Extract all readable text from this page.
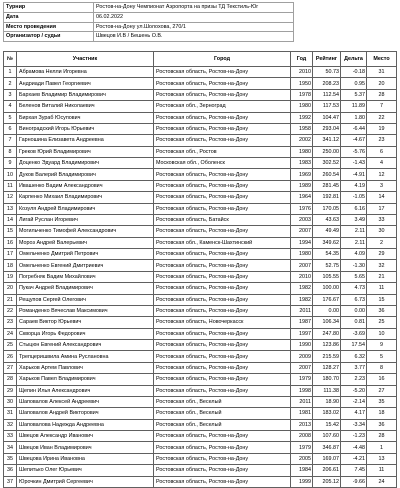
Турнир	Ростов-на-Дону Чемпионат Аэропорта на призы ТД Текстиль-Юг
Дата	06.02.2022
Место проведения	Ростов-на-Дону ул.Шолохова, 270/1
Организатор / судьи	Швецов И.В / Бешень О.В.
№	Участник	Город	Год	Рейтинг	Дельта	Место
1	Абрамова Нелли Игоревна	Ростовская область, Ростов-на-Дону	2010	50.73	-0.18	31
2	Андриади Павел Георгиевич	Ростовская область, Ростов-на-Дону	1950	208.23	0.95	20
3	Бархаев Владимир Владимирович	Ростовская область, Ростов-на-Дону	1978	112.54	5.37	28
4	Беленов Виталий Николаевич	Ростовская обл., Зерноград	1980	117.53	11.89	7
5	Бирхая Зураб Юсупович	Ростовская область, Ростов-на-Дону	1992	104.47	1.80	22
6	Виноградский Игорь Юрьевич	Ростовская область, Ростов-на-Дону	1958	293.04	-6.44	19
7	Гарношина Елизавета Андреевна	Ростовская область, Ростов-на-Дону	2002	341.12	-4.67	23
8	Греков Юрий Владимирович	Ростовская обл., Ростов	1980	250.00	-5.76	6
9	Доценко Эдуард Владимирович	Московская обл., Оболенск	1983	302.52	-1.43	4
10	Дуков Валерий Владимирович	Ростовская область, Ростов-на-Дону	1969	260.54	-4.91	12
11	Ивашенко Вадим Александрович	Ростовская область, Ростов-на-Дону	1989	281.45	4.19	3
12	Карпенко Михаил Владимирович	Ростовская область, Ростов-на-Дону	1964	192.81	-1.05	14
13	Козуля Андрей Владимирович	Ростовская область, Ростов-на-Дону	1976	170.05	6.16	17
14	Лигай Руслан Игоревич	Ростовская область, Батайск	2003	43.63	3.49	33
15	Могильченко Тимофей Александрович	Ростовская область, Ростов-на-Дону	2007	49.49	2.11	30
16	Мороз Андрей Валерьевич	Ростовская обл., Каменск-Шахтинский	1994	349.62	2.11	2
17	Омельченко Дмитрий Петрович	Ростовская область, Ростов-на-Дону	1980	54.35	4.09	29
18	Омельченко Евгений Дмитриевич	Ростовская область, Ростов-на-Дону	2007	52.75	-1.30	32
19	Погребняк Вадим Михайлович	Ростовская область, Ростов-на-Дону	2010	105.55	5.65	21
20	Пукач Андрей Владимирович	Ростовская область, Ростов-на-Дону	1982	100.00	4.73	11
21	Рещупов Сергей Олегович	Ростовская область, Ростов-на-Дону	1982	176.67	6.73	15
22	Романденко Вячеслав Максимович	Ростовская область, Ростов-на-Дону	2011	0.00	0.00	36
23	Сараев Виктор Юрьевич	Ростовская область, Новочеркасск	1987	106.34	0.81	25
24	Скворца Игорь Федорович	Ростовская область, Ростов-на-Дону	1997	247.80	-3.69	10
25	Стыцюн Евгений Александрович	Ростовская область, Ростов-на-Дону	1990	123.86	17.54	9
26	Трепцеришвила Амина Руслановна	Ростовская область, Ростов-на-Дону	2009	215.59	6.32	5
27	Харьков Артем Павлович	Ростовская область, Ростов-на-Дону	2007	128.27	3.77	8
28	Харьков Павел Владимирович	Ростовская область, Ростов-на-Дону	1979	180.70	2.23	16
29	Щепин Илья Александрович	Ростовская область, Ростов-на-Дону	1998	111.38	-5.20	27
30	Шаповалов Алексей Андреевич	Ростовская обл., Веселый	2011	18.90	-2.14	35
31	Шаповалов Андрей Викторович	Ростовская обл., Веселый	1981	183.02	4.17	18
32	Шаповалова Надежда Андреевна	Ростовская обл., Веселый	2013	15.42	-3.34	36
33	Швецов Александр Иванович	Ростовская область, Ростов-на-Дону	2008	107.60	-1.23	28
34	Швецов Иван Владимирович	Ростовская область, Ростов-на-Дону	1979	346.87	-4.48	1
35	Швецова Ирина Ивановна	Ростовская область, Ростов-на-Дону	2005	169.07	-4.21	13
36	Шепитько Олег Юрьевич	Ростовская область, Ростов-на-Дону	1984	206.61	7.45	11
37	Юрочкин Дмитрий Сергеевич	Ростовская область, Ростов-на-Дону	1999	205.12	-9.66	24
